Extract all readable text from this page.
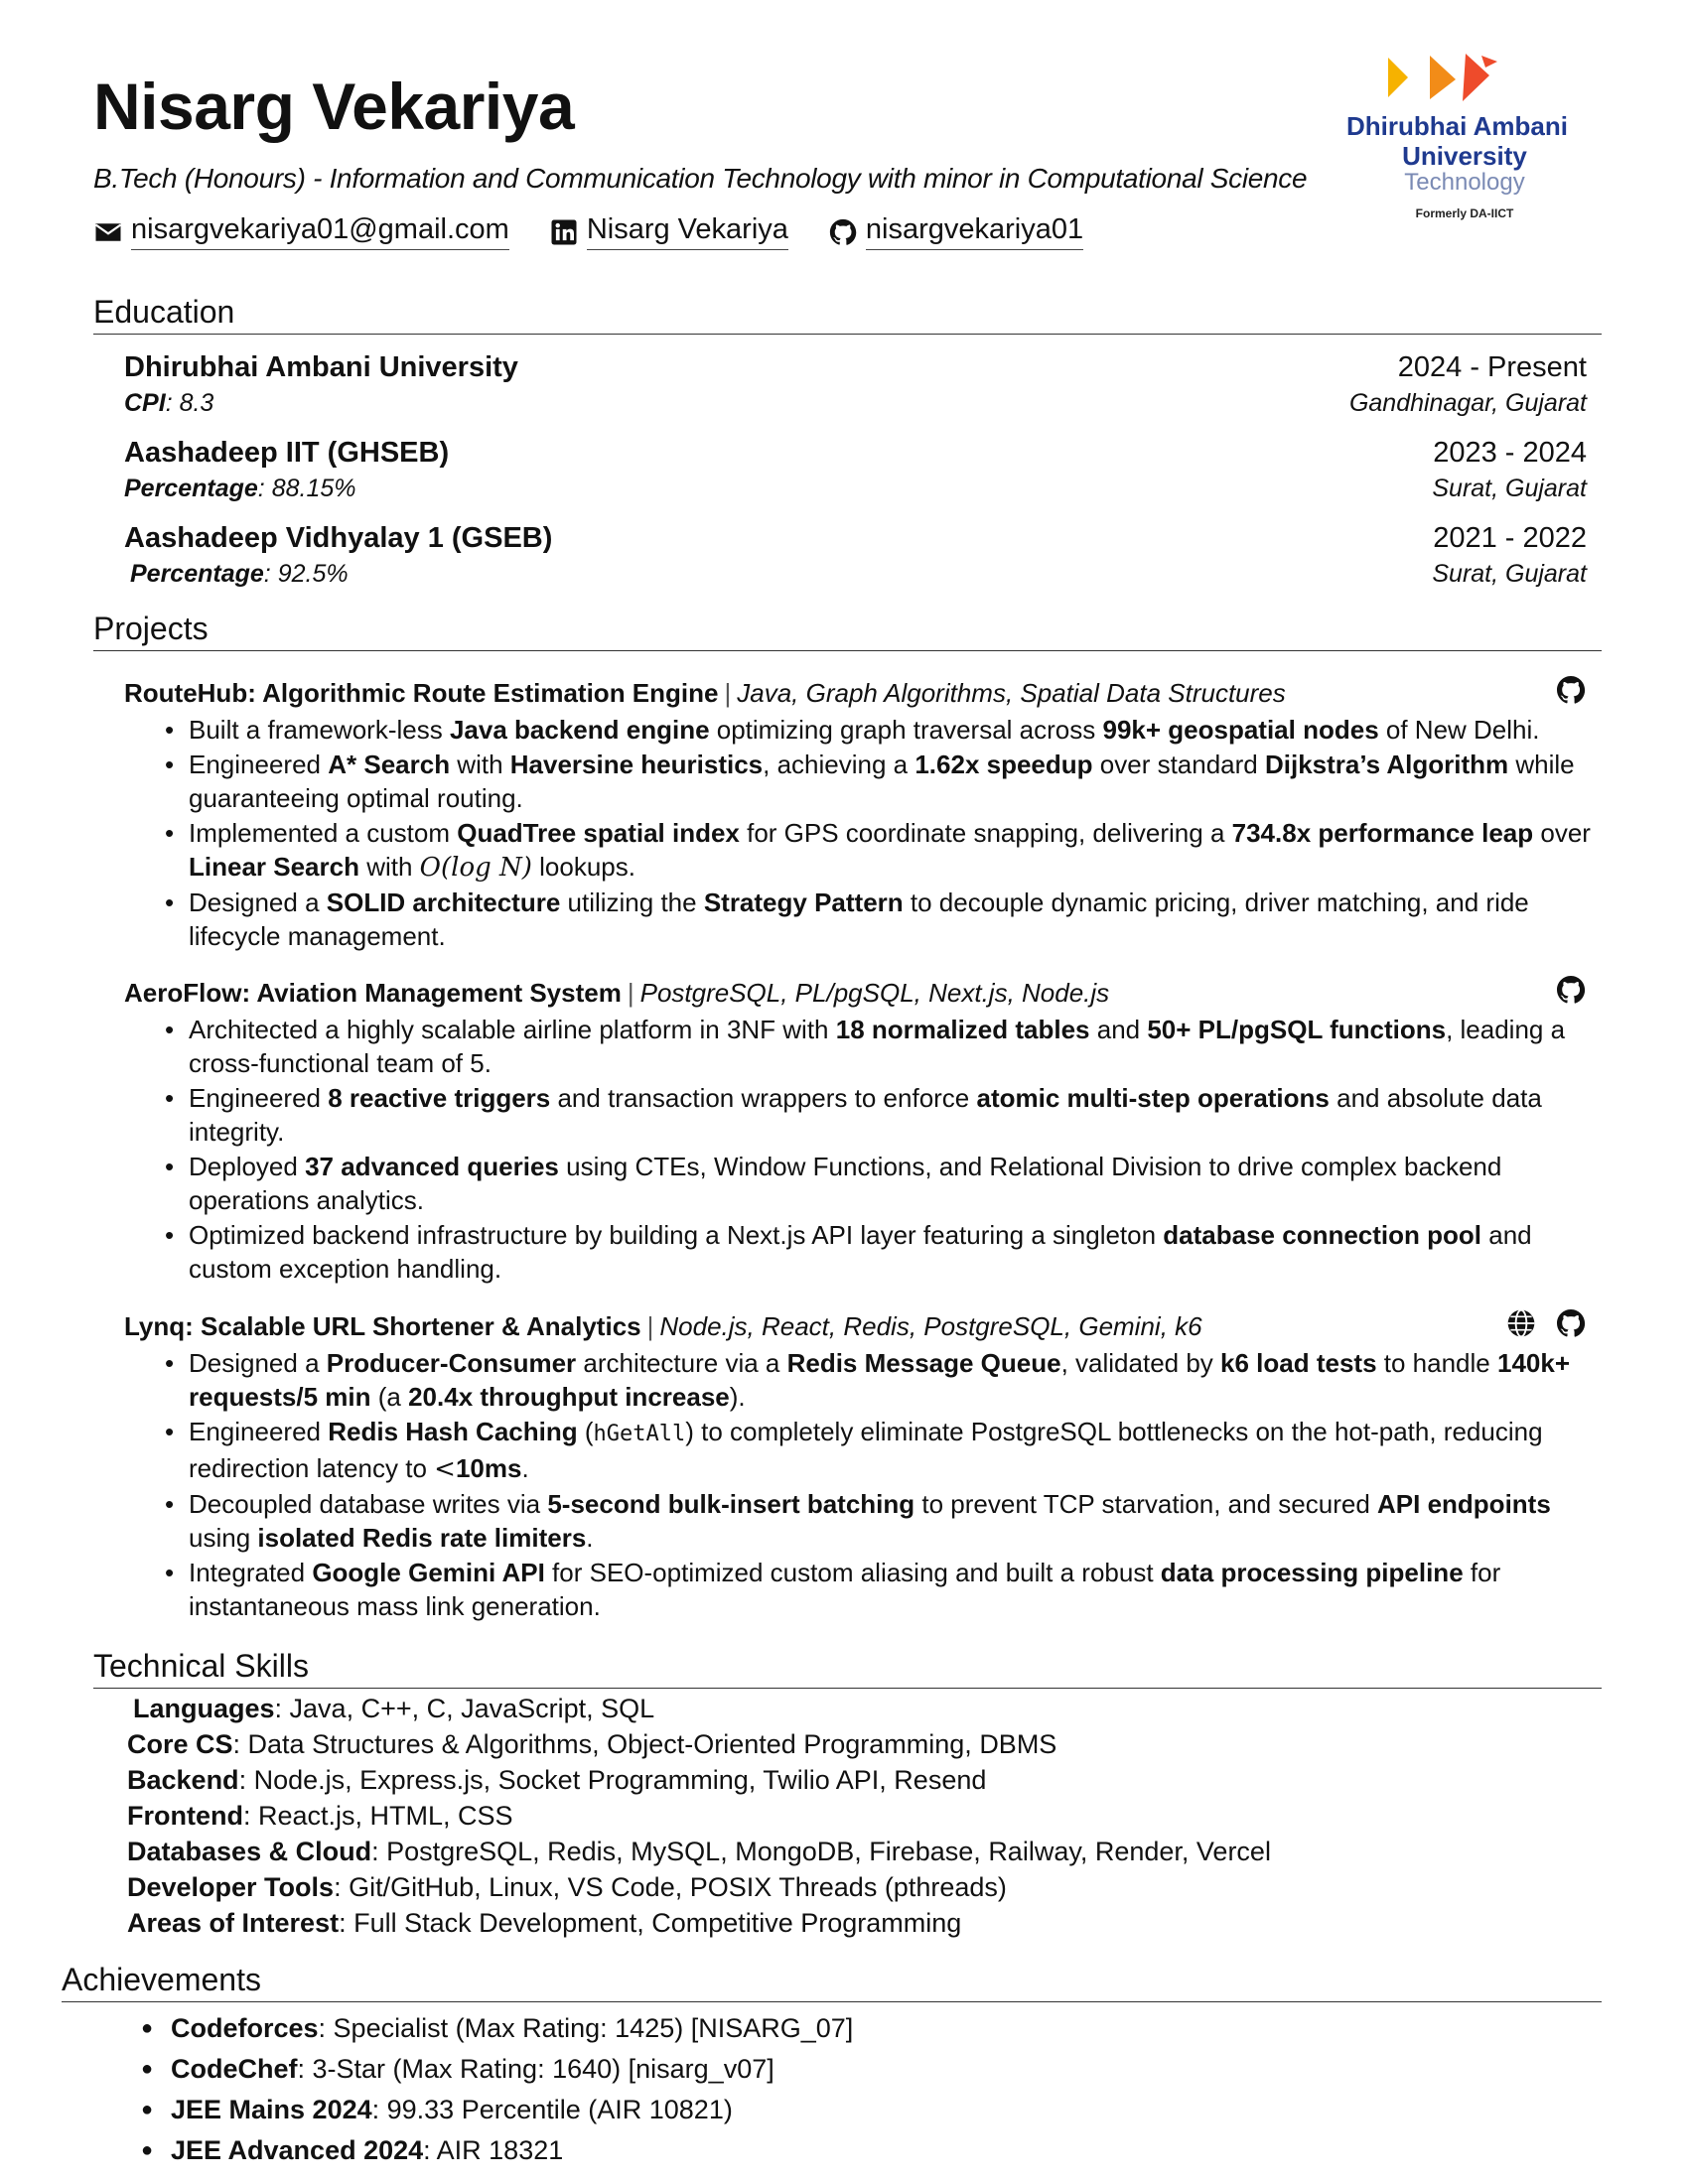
Nisarg Vekariya
B.Tech (Honours) - Information and Communication Technology with minor in Computational Science
nisargvekariya01@gmail.com	Nisarg Vekariya	nisargvekariya01
Dhirubhai Ambani
University
Technology
Formerly DA-IICT
Education
Dhirubhai Ambani University	2024 - Present
CPI: 8.3	Gandhinagar, Gujarat
Aashadeep IIT (GHSEB)	2023 - 2024
Percentage: 88.15%	Surat, Gujarat
Aashadeep Vidhyalay 1 (GSEB)	2021 - 2022
Percentage: 92.5%	Surat, Gujarat
Projects
RouteHub: Algorithmic Route Estimation Engine | Java, Graph Algorithms, Spatial Data Structures
• Built a framework-less Java backend engine optimizing graph traversal across 99k+ geospatial nodes of New Delhi.
• Engineered A* Search with Haversine heuristics, achieving a 1.62x speedup over standard Dijkstra’s Algorithm while guaranteeing optimal routing.
• Implemented a custom QuadTree spatial index for GPS coordinate snapping, delivering a 734.8x performance leap over Linear Search with O(log N) lookups.
• Designed a SOLID architecture utilizing the Strategy Pattern to decouple dynamic pricing, driver matching, and ride lifecycle management.
AeroFlow: Aviation Management System | PostgreSQL, PL/pgSQL, Next.js, Node.js
• Architected a highly scalable airline platform in 3NF with 18 normalized tables and 50+ PL/pgSQL functions, leading a cross-functional team of 5.
• Engineered 8 reactive triggers and transaction wrappers to enforce atomic multi-step operations and absolute data integrity.
• Deployed 37 advanced queries using CTEs, Window Functions, and Relational Division to drive complex backend operations analytics.
• Optimized backend infrastructure by building a Next.js API layer featuring a singleton database connection pool and custom exception handling.
Lynq: Scalable URL Shortener & Analytics | Node.js, React, Redis, PostgreSQL, Gemini, k6
• Designed a Producer-Consumer architecture via a Redis Message Queue, validated by k6 load tests to handle 140k+ requests/5 min (a 20.4x throughput increase).
• Engineered Redis Hash Caching (hGetAll) to completely eliminate PostgreSQL bottlenecks on the hot-path, reducing redirection latency to <10ms.
• Decoupled database writes via 5-second bulk-insert batching to prevent TCP starvation, and secured API endpoints using isolated Redis rate limiters.
• Integrated Google Gemini API for SEO-optimized custom aliasing and built a robust data processing pipeline for instantaneous mass link generation.
Technical Skills
Languages: Java, C++, C, JavaScript, SQL
Core CS: Data Structures & Algorithms, Object-Oriented Programming, DBMS
Backend: Node.js, Express.js, Socket Programming, Twilio API, Resend
Frontend: React.js, HTML, CSS
Databases & Cloud: PostgreSQL, Redis, MySQL, MongoDB, Firebase, Railway, Render, Vercel
Developer Tools: Git/GitHub, Linux, VS Code, POSIX Threads (pthreads)
Areas of Interest: Full Stack Development, Competitive Programming
Achievements
● Codeforces: Specialist (Max Rating: 1425) [NISARG_07]
● CodeChef: 3-Star (Max Rating: 1640) [nisarg_v07]
● JEE Mains 2024: 99.33 Percentile (AIR 10821)
● JEE Advanced 2024: AIR 18321
